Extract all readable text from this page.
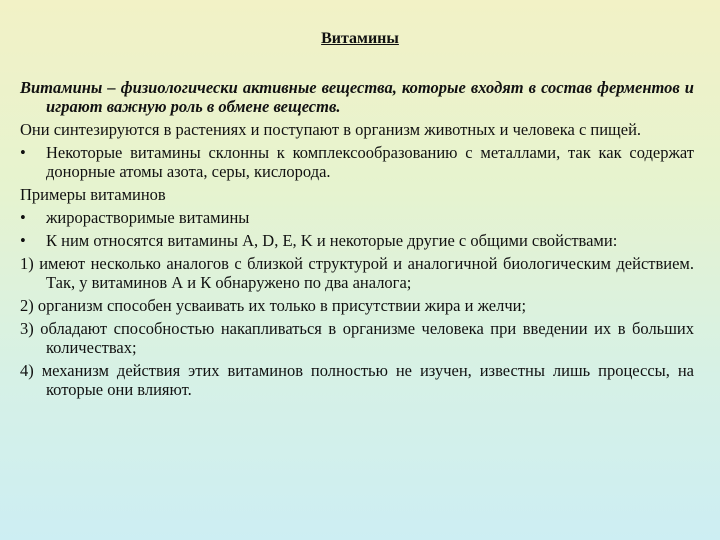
Витамины
Витамины – физиологически активные вещества, которые входят в состав ферментов и играют важную роль в обмене веществ.
Они синтезируются в растениях и поступают в организм животных и человека с пищей.
•	Некоторые витамины склонны к комплексообразованию с металлами, так как содержат донорные атомы азота, серы, кислорода.
Примеры витаминов
•	жирорастворимые витамины
•	К ним относятся витамины А, D, E, K и некоторые другие с общими свойствами:
1) имеют несколько аналогов с близкой структурой и аналогичной биологическим действием. Так, у витаминов А и К обнаружено по два аналога;
2) организм способен усваивать их только в присутствии жира и желчи;
3) обладают способностью накапливаться в организме человека при введении их в больших количествах;
4) механизм действия этих витаминов полностью не изучен, известны лишь процессы, на которые они влияют.
